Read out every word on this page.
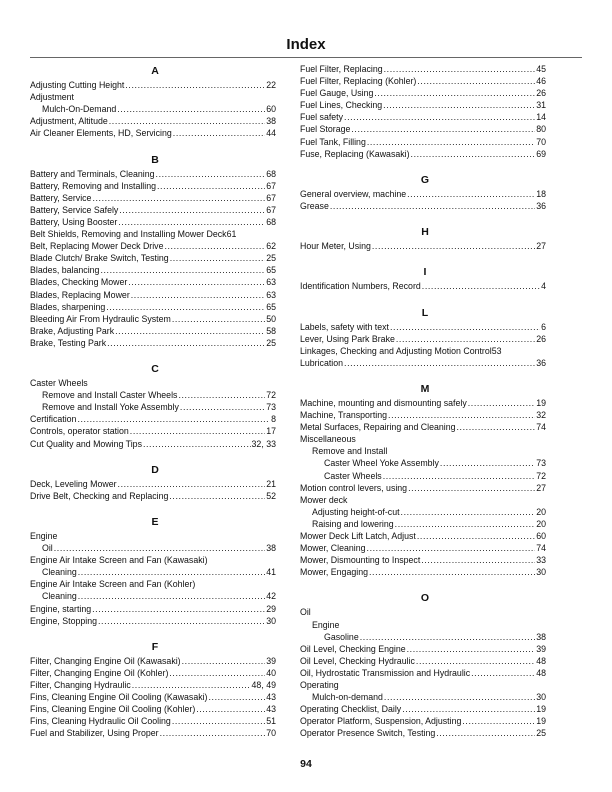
Index
A
Adjusting Cutting Height .....	22
Adjustment
Mulch-On-Demand .....	60
Adjustment, Altitude .....	38
Air Cleaner Elements, HD, Servicing .....	44
B
Battery and Terminals, Cleaning .....	68
Battery, Removing and Installing .....	67
Battery, Service .....	67
Battery, Service Safely .....	67
Battery, Using Booster .....	68
Belt Shields, Removing and Installing Mower Deck 61
Belt, Replacing Mower Deck Drive .....	62
Blade Clutch/ Brake Switch, Testing .....	25
Blades, balancing .....	65
Blades, Checking Mower .....	63
Blades, Replacing Mower .....	63
Blades, sharpening .....	65
Bleeding Air From Hydraulic System .....	50
Brake, Adjusting Park .....	58
Brake, Testing Park .....	25
C
Caster Wheels
Remove and Install Caster Wheels .....	72
Remove and Install Yoke Assembly .....	73
Certification .....	8
Controls, operator station .....	17
Cut Quality and Mowing Tips .....	32, 33
D
Deck, Leveling Mower .....	21
Drive Belt, Checking and Replacing .....	52
E
Engine
Oil .....	38
Engine Air Intake Screen and Fan (Kawasaki)
Cleaning .....	41
Engine Air Intake Screen and Fan (Kohler)
Cleaning .....	42
Engine, starting .....	29
Engine, Stopping .....	30
F
Filter, Changing Engine Oil (Kawasaki) .....	39
Filter, Changing Engine Oil (Kohler) .....	40
Filter, Changing Hydraulic .....	48, 49
Fins, Cleaning Engine Oil Cooling (Kawasaki) .....	43
Fins, Cleaning Engine Oil Cooling (Kohler) .....	43
Fins, Cleaning Hydraulic Oil Cooling .....	51
Fuel and Stabilizer, Using Proper .....	70
Fuel Filter, Replacing .....	45
Fuel Filter, Replacing (Kohler) .....	46
Fuel Gauge, Using .....	26
Fuel Lines, Checking .....	31
Fuel safety .....	14
Fuel Storage .....	80
Fuel Tank, Filling .....	70
Fuse, Replacing (Kawasaki) .....	69
G
General overview, machine .....	18
Grease .....	36
H
Hour Meter, Using .....	27
I
Identification Numbers, Record .....	4
L
Labels, safety with text .....	6
Lever, Using Park Brake .....	26
Linkages, Checking and Adjusting Motion Control 53
Lubrication .....	36
M
Machine, mounting and dismounting safely .....	19
Machine, Transporting .....	32
Metal Surfaces, Repairing and Cleaning .....	74
Miscellaneous
Remove and Install
Caster Wheel Yoke Assembly .....	73
Caster Wheels .....	72
Motion control levers, using .....	27
Mower deck
Adjusting height-of-cut .....	20
Raising and lowering .....	20
Mower Deck Lift Latch, Adjust .....	60
Mower, Cleaning .....	74
Mower, Dismounting to Inspect .....	33
Mower, Engaging .....	30
O
Oil
Engine
Gasoline .....	38
Oil Level, Checking Engine .....	39
Oil Level, Checking Hydraulic .....	48
Oil, Hydrostatic Transmission and Hydraulic .....	48
Operating
Mulch-on-demand .....	30
Operating Checklist, Daily .....	19
Operator Platform, Suspension, Adjusting .....	19
Operator Presence Switch, Testing .....	25
94
